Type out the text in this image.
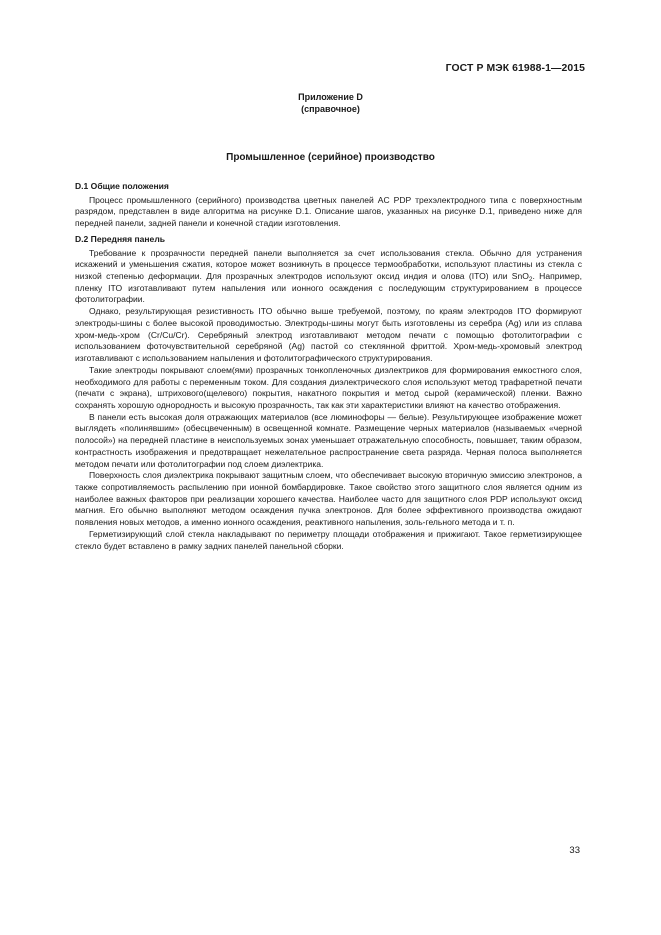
ГОСТ Р МЭК 61988-1—2015
Приложение D
(справочное)
Промышленное (серийное) производство

D.1 Общие положения

Процесс промышленного (серийного) производства цветных панелей AC PDP трехэлектродного типа с поверхностным разрядом, представлен в виде алгоритма на рисунке D.1. Описание шагов, указанных на рисунке D.1, приведено ниже для передней панели, задней панели и конечной стадии изготовления.

D.2 Передняя панель

Требование к прозрачности передней панели выполняется за счет использования стекла. Обычно для устранения искажений и уменьшения сжатия, которое может возникнуть в процессе термообработки, используют пластины из стекла с низкой степенью деформации. Для прозрачных электродов используют оксид индия и олова (ITO) или SnO$_2$. Например, пленку ITO изготавливают путем напыления или ионного осаждения с последующим структурированием в процессе фотолитографии.

Однако, результирующая резистивность ITO обычно выше требуемой, поэтому, по краям электродов ITO формируют электроды-шины с более высокой проводимостью. Электроды-шины могут быть изготовлены из серебра (Ag) или из сплава хром-медь-хром (Cr/Cu/Cr). Серебряный электрод изготавливают методом печати с помощью фотолитографии с использованием фоточувствительной серебряной (Ag) пастой со стеклянной фриттой. Хром-медь-хромовый электрод изготавливают с использованием напыления и фотолитографического структурирования.

Такие электроды покрывают слоем(ями) прозрачных тонкопленочных диэлектриков для формирования емкостного слоя, необходимого для работы с переменным током. Для создания диэлектрического слоя используют метод трафаретной печати (печати с экрана), штрихового(щелевого) покрытия, накатного покрытия и метод сырой (керамической) пленки. Важно сохранять хорошую однородность и высокую прозрачность, так как эти характеристики влияют на качество отображения.

В панели есть высокая доля отражающих материалов (все люминофоры — белые). Результирующее изображение может выглядеть «полинявшим» (обесцвеченным) в освещенной комнате. Размещение черных материалов (называемых «черной полосой») на передней пластине в неиспользуемых зонах уменьшает отражательную способность, повышает, таким образом, контрастность изображения и предотвращает нежелательное распространение света разряда. Черная полоса выполняется методом печати или фотолитографии под слоем диэлектрика.

Поверхность слоя диэлектрика покрывают защитным слоем, что обеспечивает высокую вторичную эмиссию электронов, а также сопротивляемость распылению при ионной бомбардировке. Такое свойство этого защитного слоя является одним из наиболее важных факторов при реализации хорошего качества. Наиболее часто для защитного слоя PDP используют оксид магния. Его обычно выполняют методом осаждения пучка электронов. Для более эффективного производства ожидают появления новых методов, а именно ионного осаждения, реактивного напыления, золь-гельного метода и т. п.

Герметизирующий слой стекла накладывают по периметру площади отображения и прижигают. Такое герметизирующее стекло будет вставлено в рамку задних панелей панельной сборки.

33
